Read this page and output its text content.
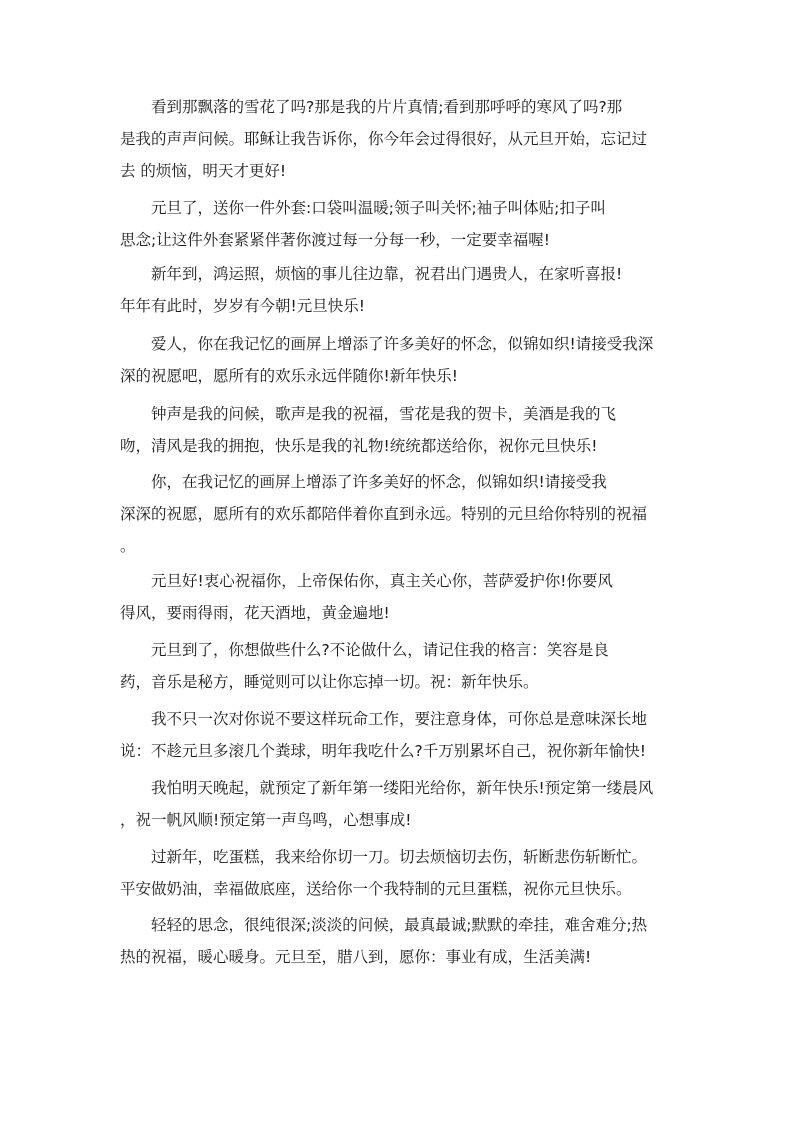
看到那飘落的雪花了吗?那是我的片片真情;看到那呼呼的寒风了吗?那
是我的声声问候。耶稣让我告诉你，你今年会过得很好，从元旦开始，忘记过
去 的烦恼，明天才更好!

元旦了，送你一件外套:口袋叫温暖;领子叫关怀;袖子叫体贴;扣子叫
思念;让这件外套紧紧伴著你渡过每一分每一秒，一定要幸福喔!

新年到，鸿运照，烦恼的事儿往边靠，祝君出门遇贵人，在家听喜报!
年年有此时，岁岁有今朝!元旦快乐!

爱人，你在我记忆的画屏上增添了许多美好的怀念，似锦如织!请接受我深
深的祝愿吧，愿所有的欢乐永远伴随你!新年快乐!

钟声是我的问候，歌声是我的祝福，雪花是我的贺卡，美酒是我的飞
吻，清风是我的拥抱，快乐是我的礼物!统统都送给你，祝你元旦快乐!

你，在我记忆的画屏上增添了许多美好的怀念，似锦如织!请接受我
深深的祝愿，愿所有的欢乐都陪伴着你直到永远。特别的元旦给你特别的祝福
。

元旦好!衷心祝福你，上帝保佑你，真主关心你，菩萨爱护你!你要风
得风，要雨得雨，花天酒地，黄金遍地!

元旦到了，你想做些什么?不论做什么，请记住我的格言：笑容是良
药，音乐是秘方，睡觉则可以让你忘掉一切。祝：新年快乐。

我不只一次对你说不要这样玩命工作，要注意身体，可你总是意味深长地
说：不趁元旦多滚几个粪球，明年我吃什么?千万别累坏自己，祝你新年愉快!

我怕明天晚起，就预定了新年第一缕阳光给你，新年快乐!预定第一缕晨风
，祝一帆风顺!预定第一声鸟鸣，心想事成!

过新年，吃蛋糕，我来给你切一刀。切去烦恼切去伤，斩断悲伤斩断忙。
平安做奶油，幸福做底座，送给你一个我特制的元旦蛋糕，祝你元旦快乐。

轻轻的思念，很纯很深;淡淡的问候，最真最诚;默默的牵挂，难舍难分;热
热的祝福，暖心暖身。元旦至，腊八到，愿你：事业有成，生活美满!
